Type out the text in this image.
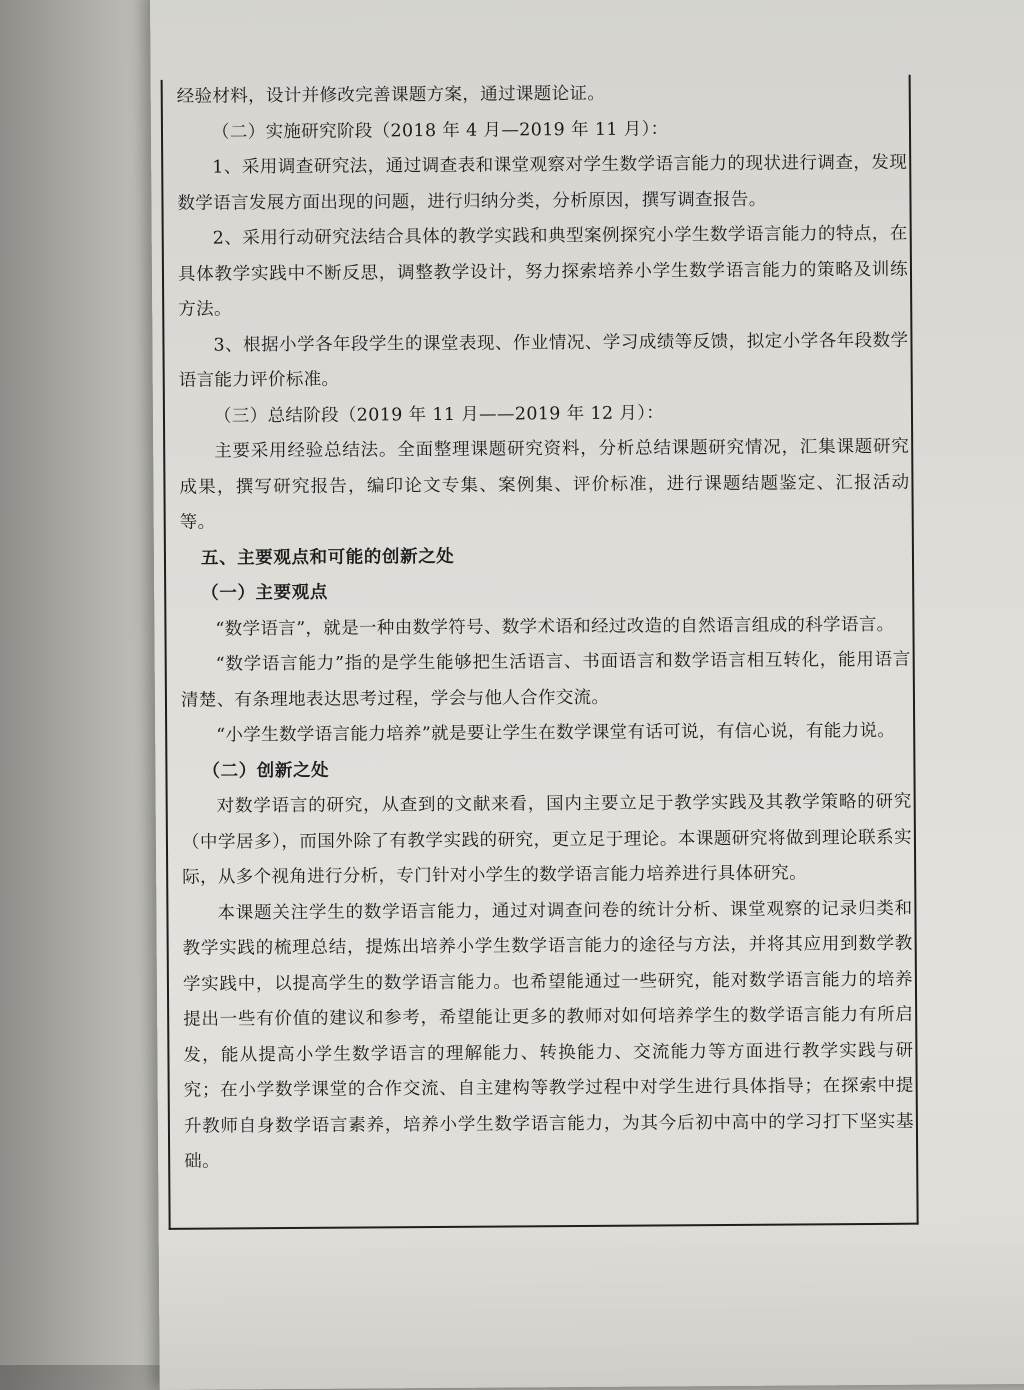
经验材料，设计并修改完善课题方案，通过课题论证。

（二）实施研究阶段（2018 年 4 月—2019 年 11 月）：

1、采用调查研究法，通过调查表和课堂观察对学生数学语言能力的现状进行调查，发现数学语言发展方面出现的问题，进行归纳分类，分析原因，撰写调查报告。

2、采用行动研究法结合具体的教学实践和典型案例探究小学生数学语言能力的特点，在具体教学实践中不断反思，调整教学设计，努力探索培养小学生数学语言能力的策略及训练方法。

3、根据小学各年段学生的课堂表现、作业情况、学习成绩等反馈，拟定小学各年段数学语言能力评价标准。

（三）总结阶段（2019 年 11 月——2019 年 12 月）：

主要采用经验总结法。全面整理课题研究资料，分析总结课题研究情况，汇集课题研究成果，撰写研究报告，编印论文专集、案例集、评价标准，进行课题结题鉴定、汇报活动等。

五、主要观点和可能的创新之处

（一）主要观点

“数学语言”，就是一种由数学符号、数学术语和经过改造的自然语言组成的科学语言。

“数学语言能力”指的是学生能够把生活语言、书面语言和数学语言相互转化，能用语言清楚、有条理地表达思考过程，学会与他人合作交流。

“小学生数学语言能力培养”就是要让学生在数学课堂有话可说，有信心说，有能力说。

（二）创新之处

对数学语言的研究，从查到的文献来看，国内主要立足于教学实践及其教学策略的研究（中学居多），而国外除了有教学实践的研究，更立足于理论。本课题研究将做到理论联系实际，从多个视角进行分析，专门针对小学生的数学语言能力培养进行具体研究。

本课题关注学生的数学语言能力，通过对调查问卷的统计分析、课堂观察的记录归类和教学实践的梳理总结，提炼出培养小学生数学语言能力的途径与方法，并将其应用到数学教学实践中，以提高学生的数学语言能力。也希望能通过一些研究，能对数学语言能力的培养提出一些有价值的建议和参考，希望能让更多的教师对如何培养学生的数学语言能力有所启发，能从提高小学生数学语言的理解能力、转换能力、交流能力等方面进行教学实践与研究；在小学数学课堂的合作交流、自主建构等教学过程中对学生进行具体指导；在探索中提升教师自身数学语言素养，培养小学生数学语言能力，为其今后初中高中的学习打下坚实基础。
